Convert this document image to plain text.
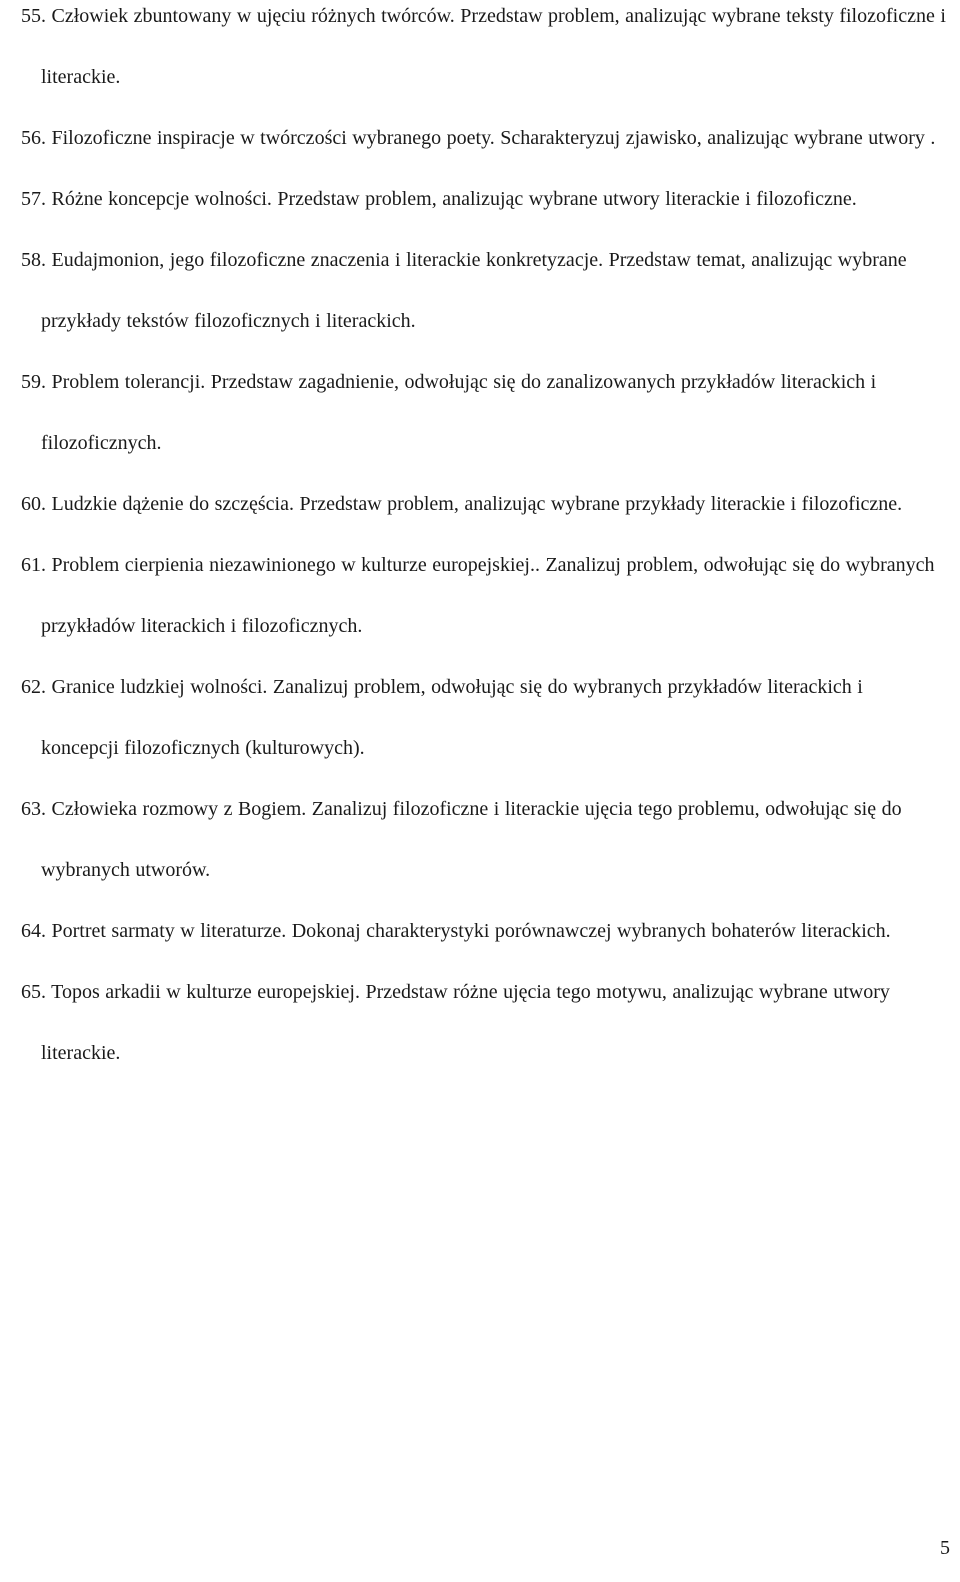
55. Człowiek zbuntowany w ujęciu różnych twórców. Przedstaw problem, analizując wybrane teksty filozoficzne i literackie.
56. Filozoficzne inspiracje w twórczości wybranego poety. Scharakteryzuj zjawisko, analizując wybrane utwory .
57. Różne koncepcje wolności. Przedstaw problem, analizując wybrane utwory literackie i filozoficzne.
58. Eudajmonion, jego filozoficzne znaczenia i literackie konkretyzacje. Przedstaw temat, analizując wybrane przykłady tekstów filozoficznych i literackich.
59. Problem tolerancji. Przedstaw zagadnienie, odwołując się do zanalizowanych przykładów literackich i filozoficznych.
60. Ludzkie dążenie do szczęścia. Przedstaw problem, analizując wybrane przykłady literackie i filozoficzne.
61. Problem cierpienia niezawinionego w kulturze europejskiej.. Zanalizuj problem, odwołując się do wybranych przykładów literackich i filozoficznych.
62. Granice ludzkiej wolności. Zanalizuj problem, odwołując się do wybranych przykładów literackich i koncepcji filozoficznych (kulturowych).
63. Człowieka rozmowy z Bogiem. Zanalizuj filozoficzne i literackie ujęcia tego problemu, odwołując się do wybranych utworów.
64. Portret sarmaty w literaturze. Dokonaj charakterystyki porównawczej wybranych bohaterów literackich.
65. Topos arkadii w kulturze europejskiej. Przedstaw różne ujęcia tego motywu, analizując wybrane utwory literackie.
5
